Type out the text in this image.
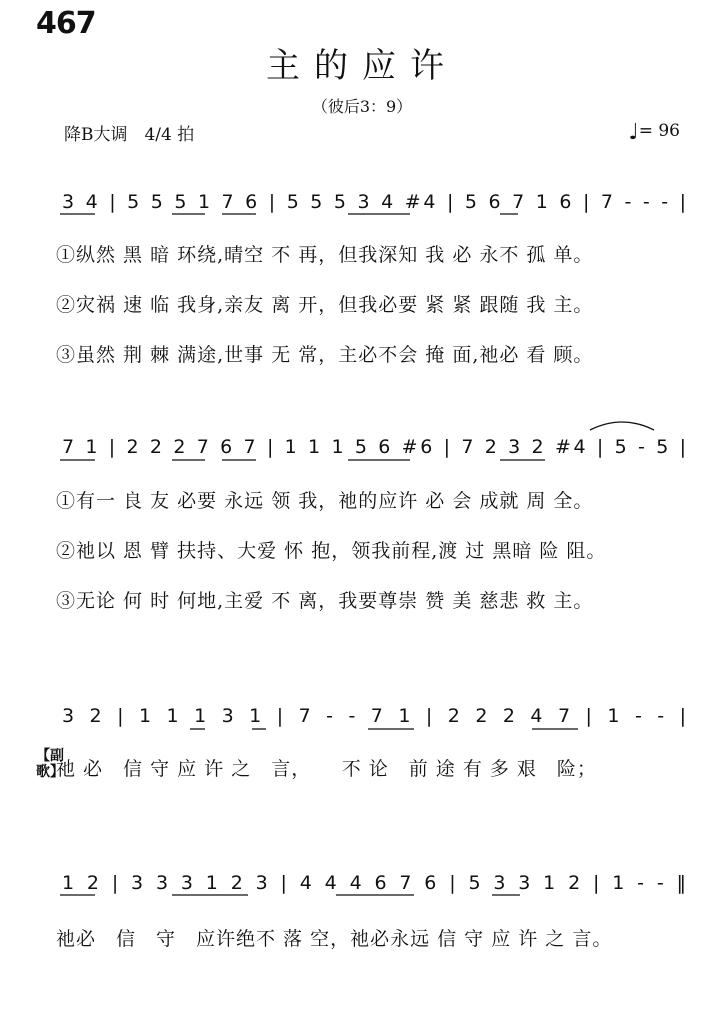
467
主的应许
（彼后3：9）
降B大调　4/4 拍	♩= 96
3 4 | 5 5 5 1 7 6 | 5 5 5 3 4 #4 | 5 6 7 1 6 | 7 - - - |
7 1 | 2 2 2 7 6 7 | 1 1 1 5 6 #6 | 7 2 3 2 #4 | 5 - 5 |
3 2 | 1 1 1 3 1 | 7 - - 7 1 | 2 2 2 4 7 | 1 - - |
1 2 | 3 3 3 1 2 3 | 4 4 4 6 7 6 | 5 3 3 1 2 | 1 - - ‖
①纵然 黑 暗 环绕,晴空 不 再，但我深知 我 必 永不 孤 单。
②灾祸 速 临 我身,亲友 离 开，但我必要 紧 紧 跟随 我 主。
③虽然 荆 棘 满途,世事 无 常，主必不会 掩 面,祂必 看 顾。
①有一 良 友 必要 永远 领 我，祂的应许 必 会 成就 周 全。
②祂以 恩 臂 扶持、大爱 怀 抱，领我前程,渡 过 黑暗 险 阻。
③无论 何 时 何地,主爱 不 离，我要尊崇 赞 美 慈悲 救 主。
【副歌】
祂 必　信 守 应 许 之　言，　　不 论　前 途 有 多 艰　险；
祂必　信　守　应许绝不 落 空，祂必永远 信 守 应 许 之 言。
